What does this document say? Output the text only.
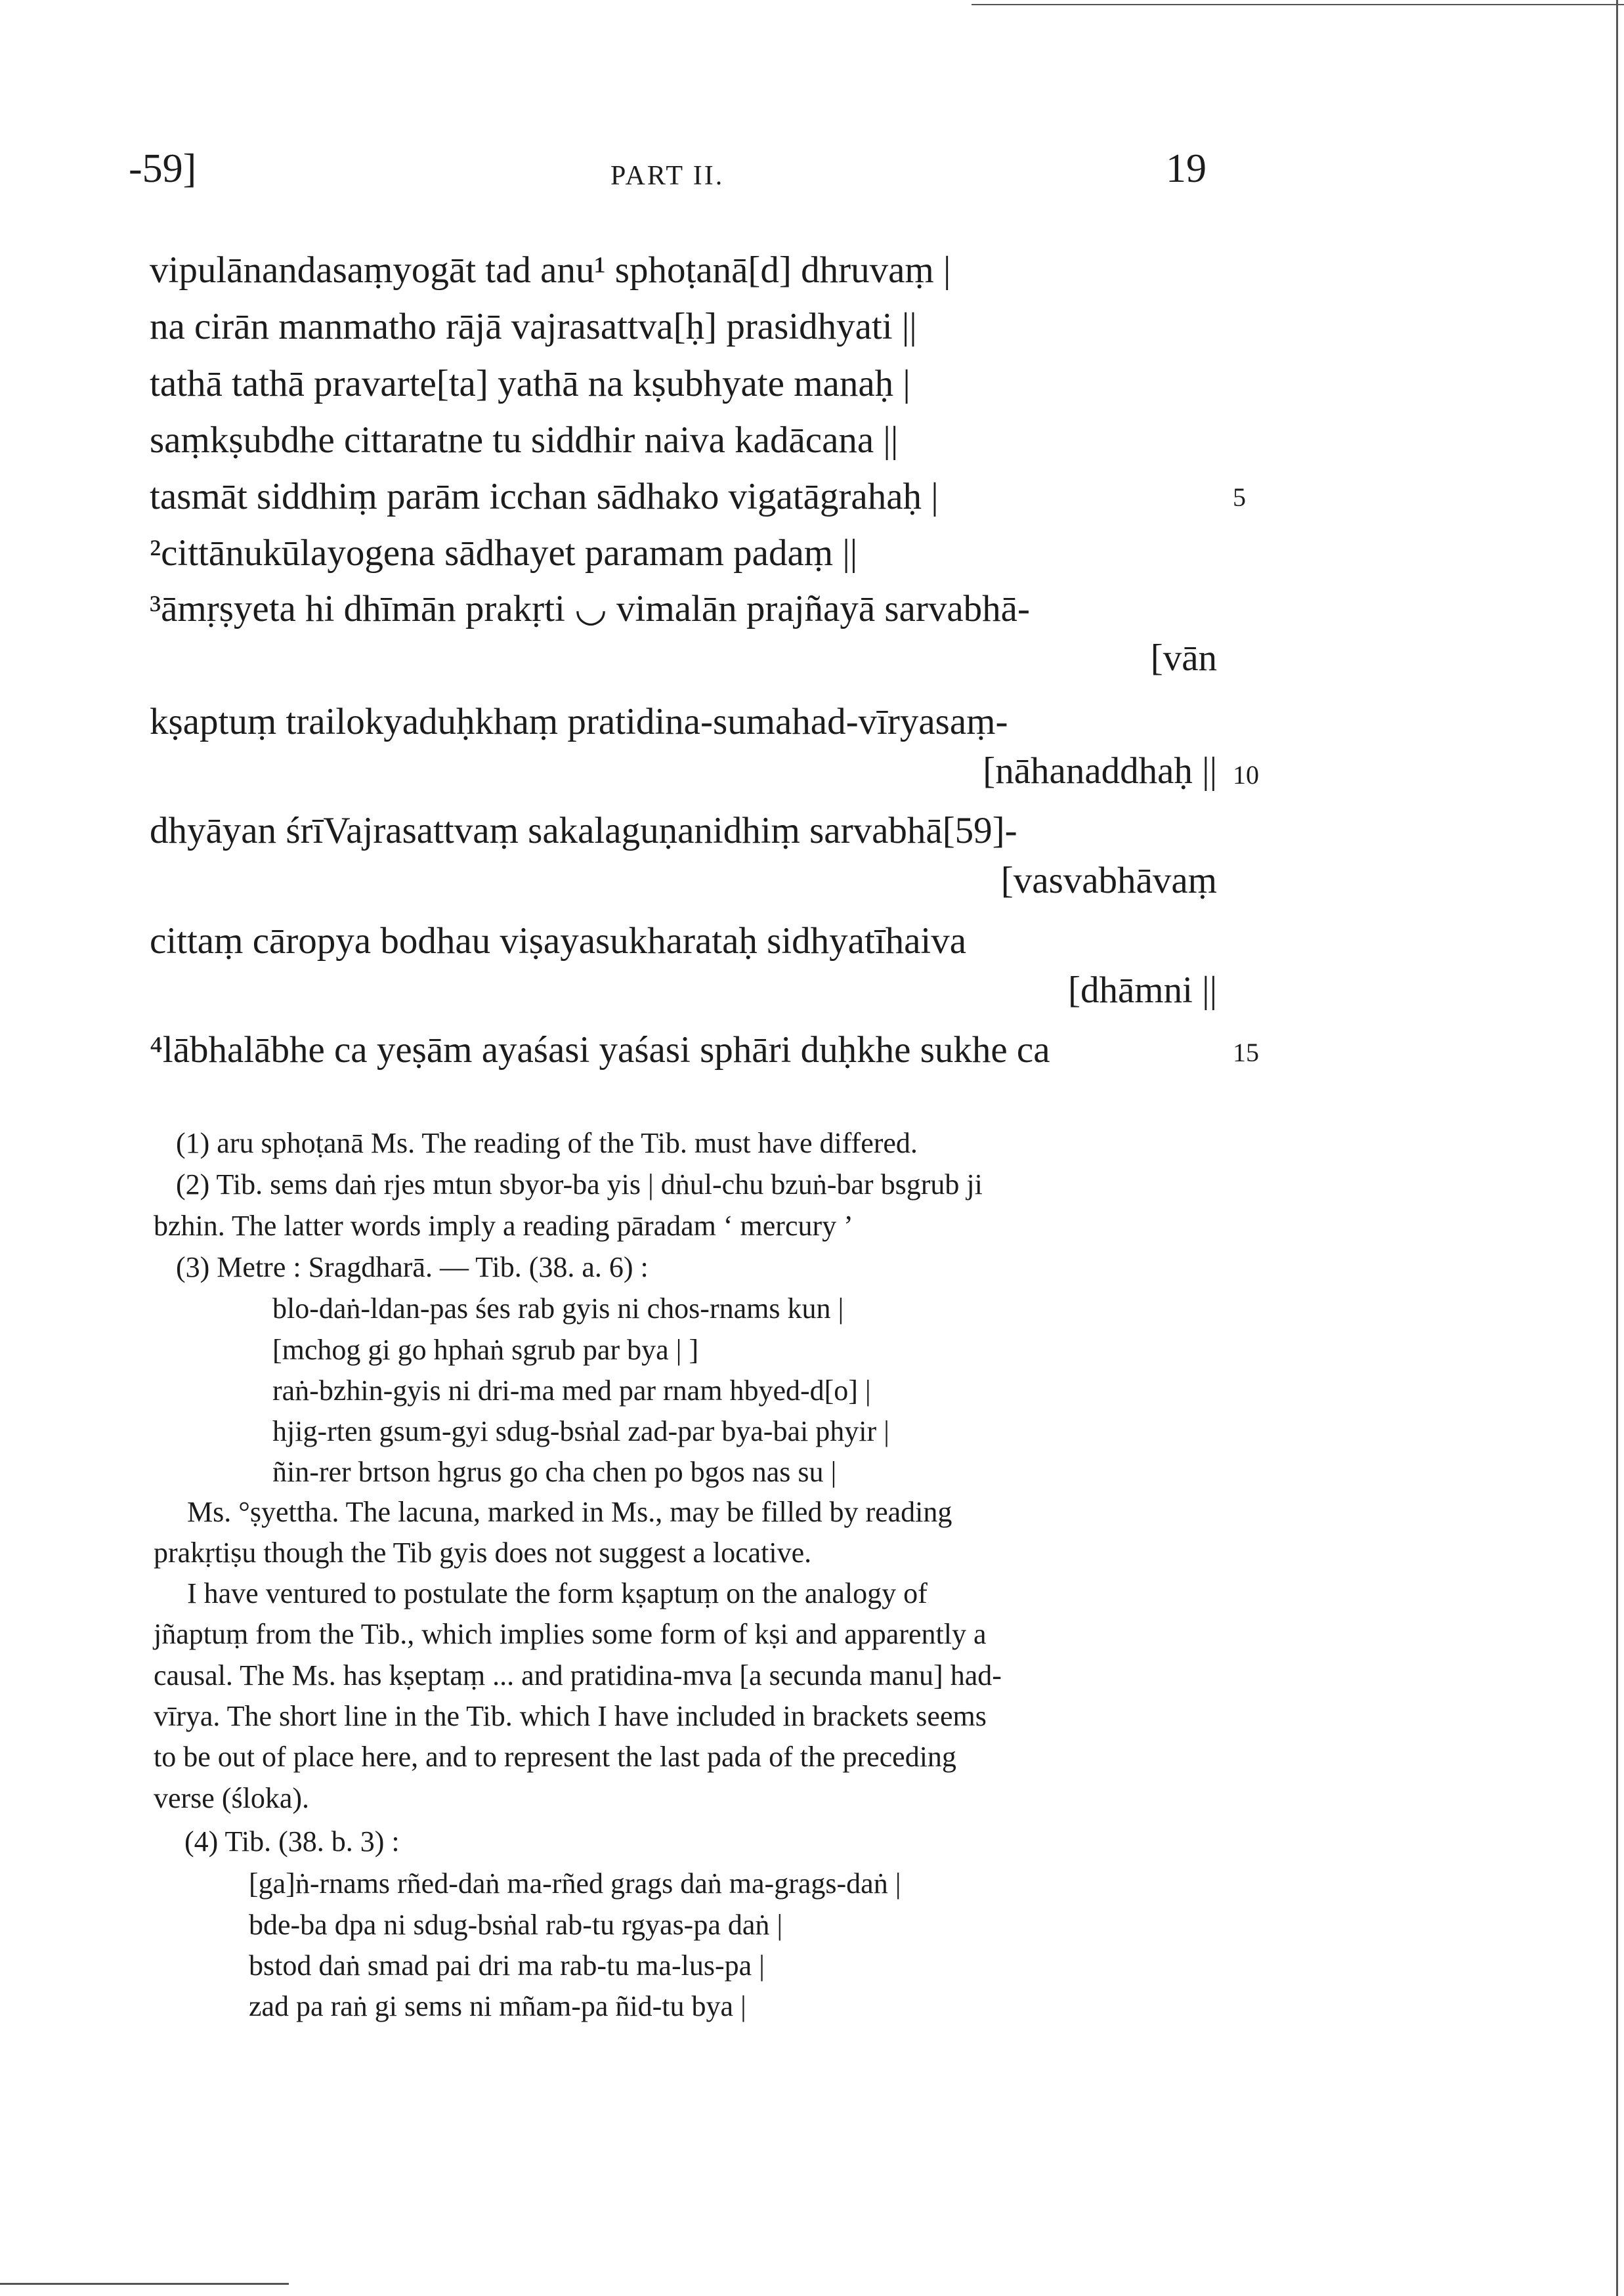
-59]	PART II.	19
vipulānandasaṃyogāt tad anu¹ sphoṭanā[d] dhruvaṃ |
na cirān manmatho rājā vajrasattva[ḥ] prasidhyati ||
tathā tathā pravarte[ta] yathā na kṣubhyate manaḥ |
saṃkṣubdhe cittaratne tu siddhir naiva kadācana ||
tasmāt siddhiṃ parām icchan sādhako vigatāgrahaḥ |
²cittānukūlayogena sādhayet paramam padaṃ ||
³āmṛṣyeta hi dhīmān prakṛti ◡ vimalān prajñayā sarvabhā-
[vān
kṣaptuṃ trailokyaduḥkhaṃ pratidina-sumahad-vīryasaṃ-
[nāhanaddhaḥ ||
dhyāyan śrīVajrasattvaṃ sakalaguṇanidhiṃ sarvabhā[59]-
[vasvabhāvaṃ
cittaṃ cāropya bodhau viṣayasukharataḥ sidhyatīhaiva
[dhāmni ||
⁴lābhalābhe ca yeṣām ayaśasi yaśasi sphāri duḥkhe sukhe ca
5
10
15
(1) aru sphoṭanā Ms. The reading of the Tib. must have differed.
(2) Tib. sems daṅ rjes mtun sbyor-ba yis | dṅul-chu bzuṅ-bar bsgrub ji
bzhin. The latter words imply a reading pāradam ‘ mercury ’
(3) Metre : Sragdharā. — Tib. (38. a. 6) :
blo-daṅ-ldan-pas śes rab gyis ni chos-rnams kun |
[mchog gi go hphaṅ sgrub par bya | ]
raṅ-bzhin-gyis ni dri-ma med par rnam hbyed-d[o] |
hjig-rten gsum-gyi sdug-bsṅal zad-par bya-bai phyir |
ñin-rer brtson hgrus go cha chen po bgos nas su |
Ms. °ṣyettha. The lacuna, marked in Ms., may be filled by reading
prakṛtiṣu though the Tib gyis does not suggest a locative.
I have ventured to postulate the form kṣaptuṃ on the analogy of
jñaptuṃ from the Tib., which implies some form of kṣi and apparently a
causal. The Ms. has kṣeptaṃ ... and pratidina-mva [a secunda manu] had-
vīrya. The short line in the Tib. which I have included in brackets seems
to be out of place here, and to represent the last pada of the preceding
verse (śloka).
(4) Tib. (38. b. 3) :
[ga]ṅ-rnams rñed-daṅ ma-rñed grags daṅ ma-grags-daṅ |
bde-ba dpa ni sdug-bsṅal rab-tu rgyas-pa daṅ |
bstod daṅ smad pai dri ma rab-tu ma-lus-pa |
zad pa raṅ gi sems ni mñam-pa ñid-tu bya |
